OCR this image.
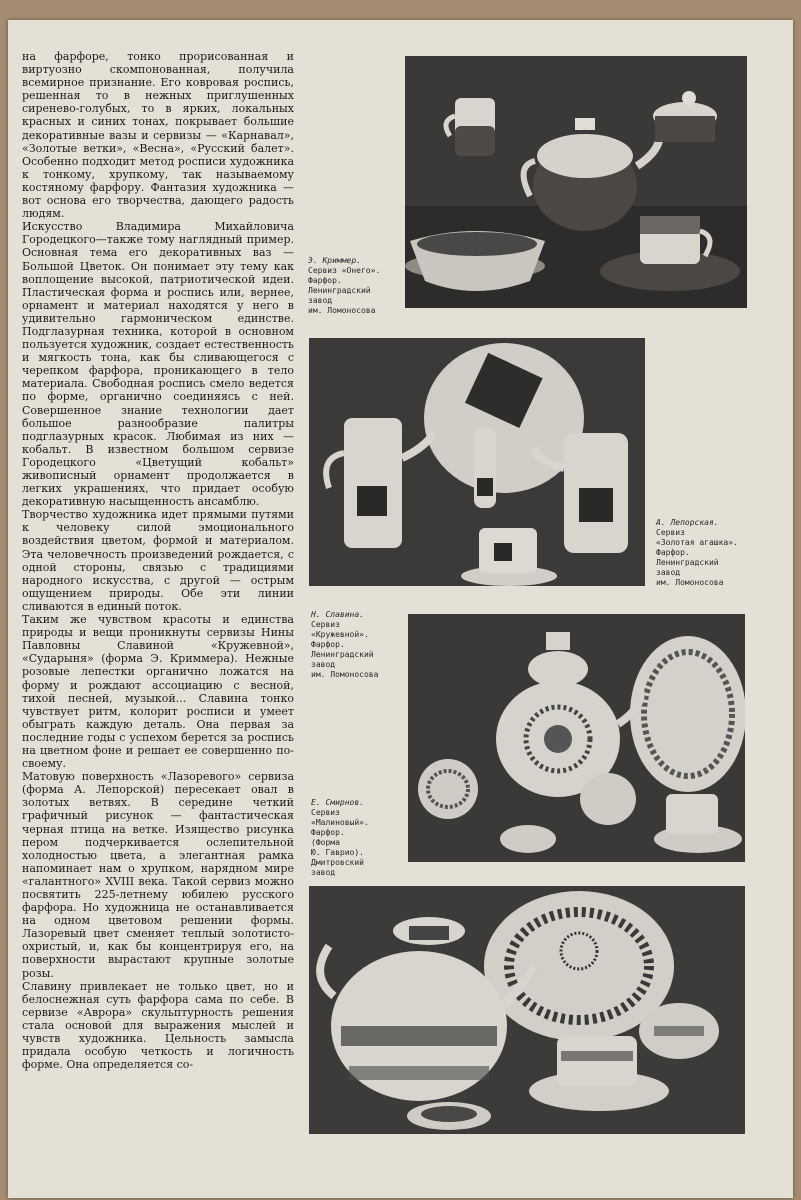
на фарфоре, тонко прорисованная и виртуозно скомпонованная, получила всемирное признание. Его ковровая роспись, решенная то в нежных приглушенных сиренево-голубых, то в ярких, локальных красных и синих тонах, покрывает большие декоративные вазы и сервизы — «Карнавал», «Золотые ветки», «Весна», «Русский балет». Особенно подходит метод росписи художника к тонкому, хрупкому, так называемому костяному фарфору. Фантазия художника — вот основа его творчества, дающего радость людям.

Искусство Владимира Михайловича Городецкого—также тому наглядный пример. Основная тема его декоративных ваз — Большой Цветок. Он понимает эту тему как воплощение высокой, патриотической идеи. Пластическая форма и роспись или, вернее, орнамент и материал находятся у него в удивительно гармоническом единстве. Подглазурная техника, которой в основном пользуется художник, создает естественность и мягкость тона, как бы сливающегося с черепком фарфора, проникающего в тело материала. Свободная роспись смело ведется по форме, органично соединяясь с ней. Совершенное знание технологии дает большое разнообразие палитры подглазурных красок. Любимая из них — кобальт. В известном большом сервизе Городецкого «Цветущий кобальт» живописный орнамент продолжается в легких украшениях, что придает особую декоративную насыщенность ансамблю.

Творчество художника идет прямыми путями к человеку силой эмоционального воздействия цветом, формой и материалом. Эта человечность произведений рождается, с одной стороны, связью с традициями народного искусства, с другой — острым ощущением природы. Обе эти линии сливаются в единый поток.

Таким же чувством красоты и единства природы и вещи проникнуты сервизы Нины Павловны Славиной «Кружевной», «Сударыня» (форма Э. Криммера). Нежные розовые лепестки органично ложатся на форму и рождают ассоциацию с весной, тихой песней, музыкой... Славина тонко чувствует ритм, колорит росписи и умеет обыграть каждую деталь. Она первая за последние годы с успехом берется за роспись на цветном фоне и решает ее совершенно по-своему.

Матовую поверхность «Лазоревого» сервиза (форма А. Лепорской) пересекает овал в золотых ветвях. В середине четкий графичный рисунок — фантастическая черная птица на ветке. Изящество рисунка пером подчеркивается ослепительной холодностью цвета, а элегантная рамка напоминает нам о хрупком, нарядном мире «галантного» XVIII века. Такой сервиз можно посвятить 225-летнему юбилею русского фарфора. Но художница не останавливается на одном цветовом решении формы. Лазоревый цвет сменяет теплый золотисто-охристый, и, как бы концентрируя его, на поверхности вырастают крупные золотые розы.

Славину привлекает не только цвет, но и белоснежная суть фарфора сама по себе. В сервизе «Аврора» скульптурность решения стала основой для выражения мыслей и чувств художника. Цельность замысла придала особую четкость и логичность форме. Она определяется со-

Э. Криммер.
Сервиз «Онего».
Фарфор.
Ленинградский
завод
им. Ломоносова
А. Лепорская.
Сервиз
«Золотая агашка».
Фарфор.
Ленинградский
завод
им. Ломоносова
Н. Славина.
Сервиз
«Кружевной».
Фарфор.
Ленинградский
завод
им. Ломоносова
Е. Смирнов.
Сервиз
«Малиновый».
Фарфор.
(Форма
Ю. Гаврио).
Дмитровский
завод
